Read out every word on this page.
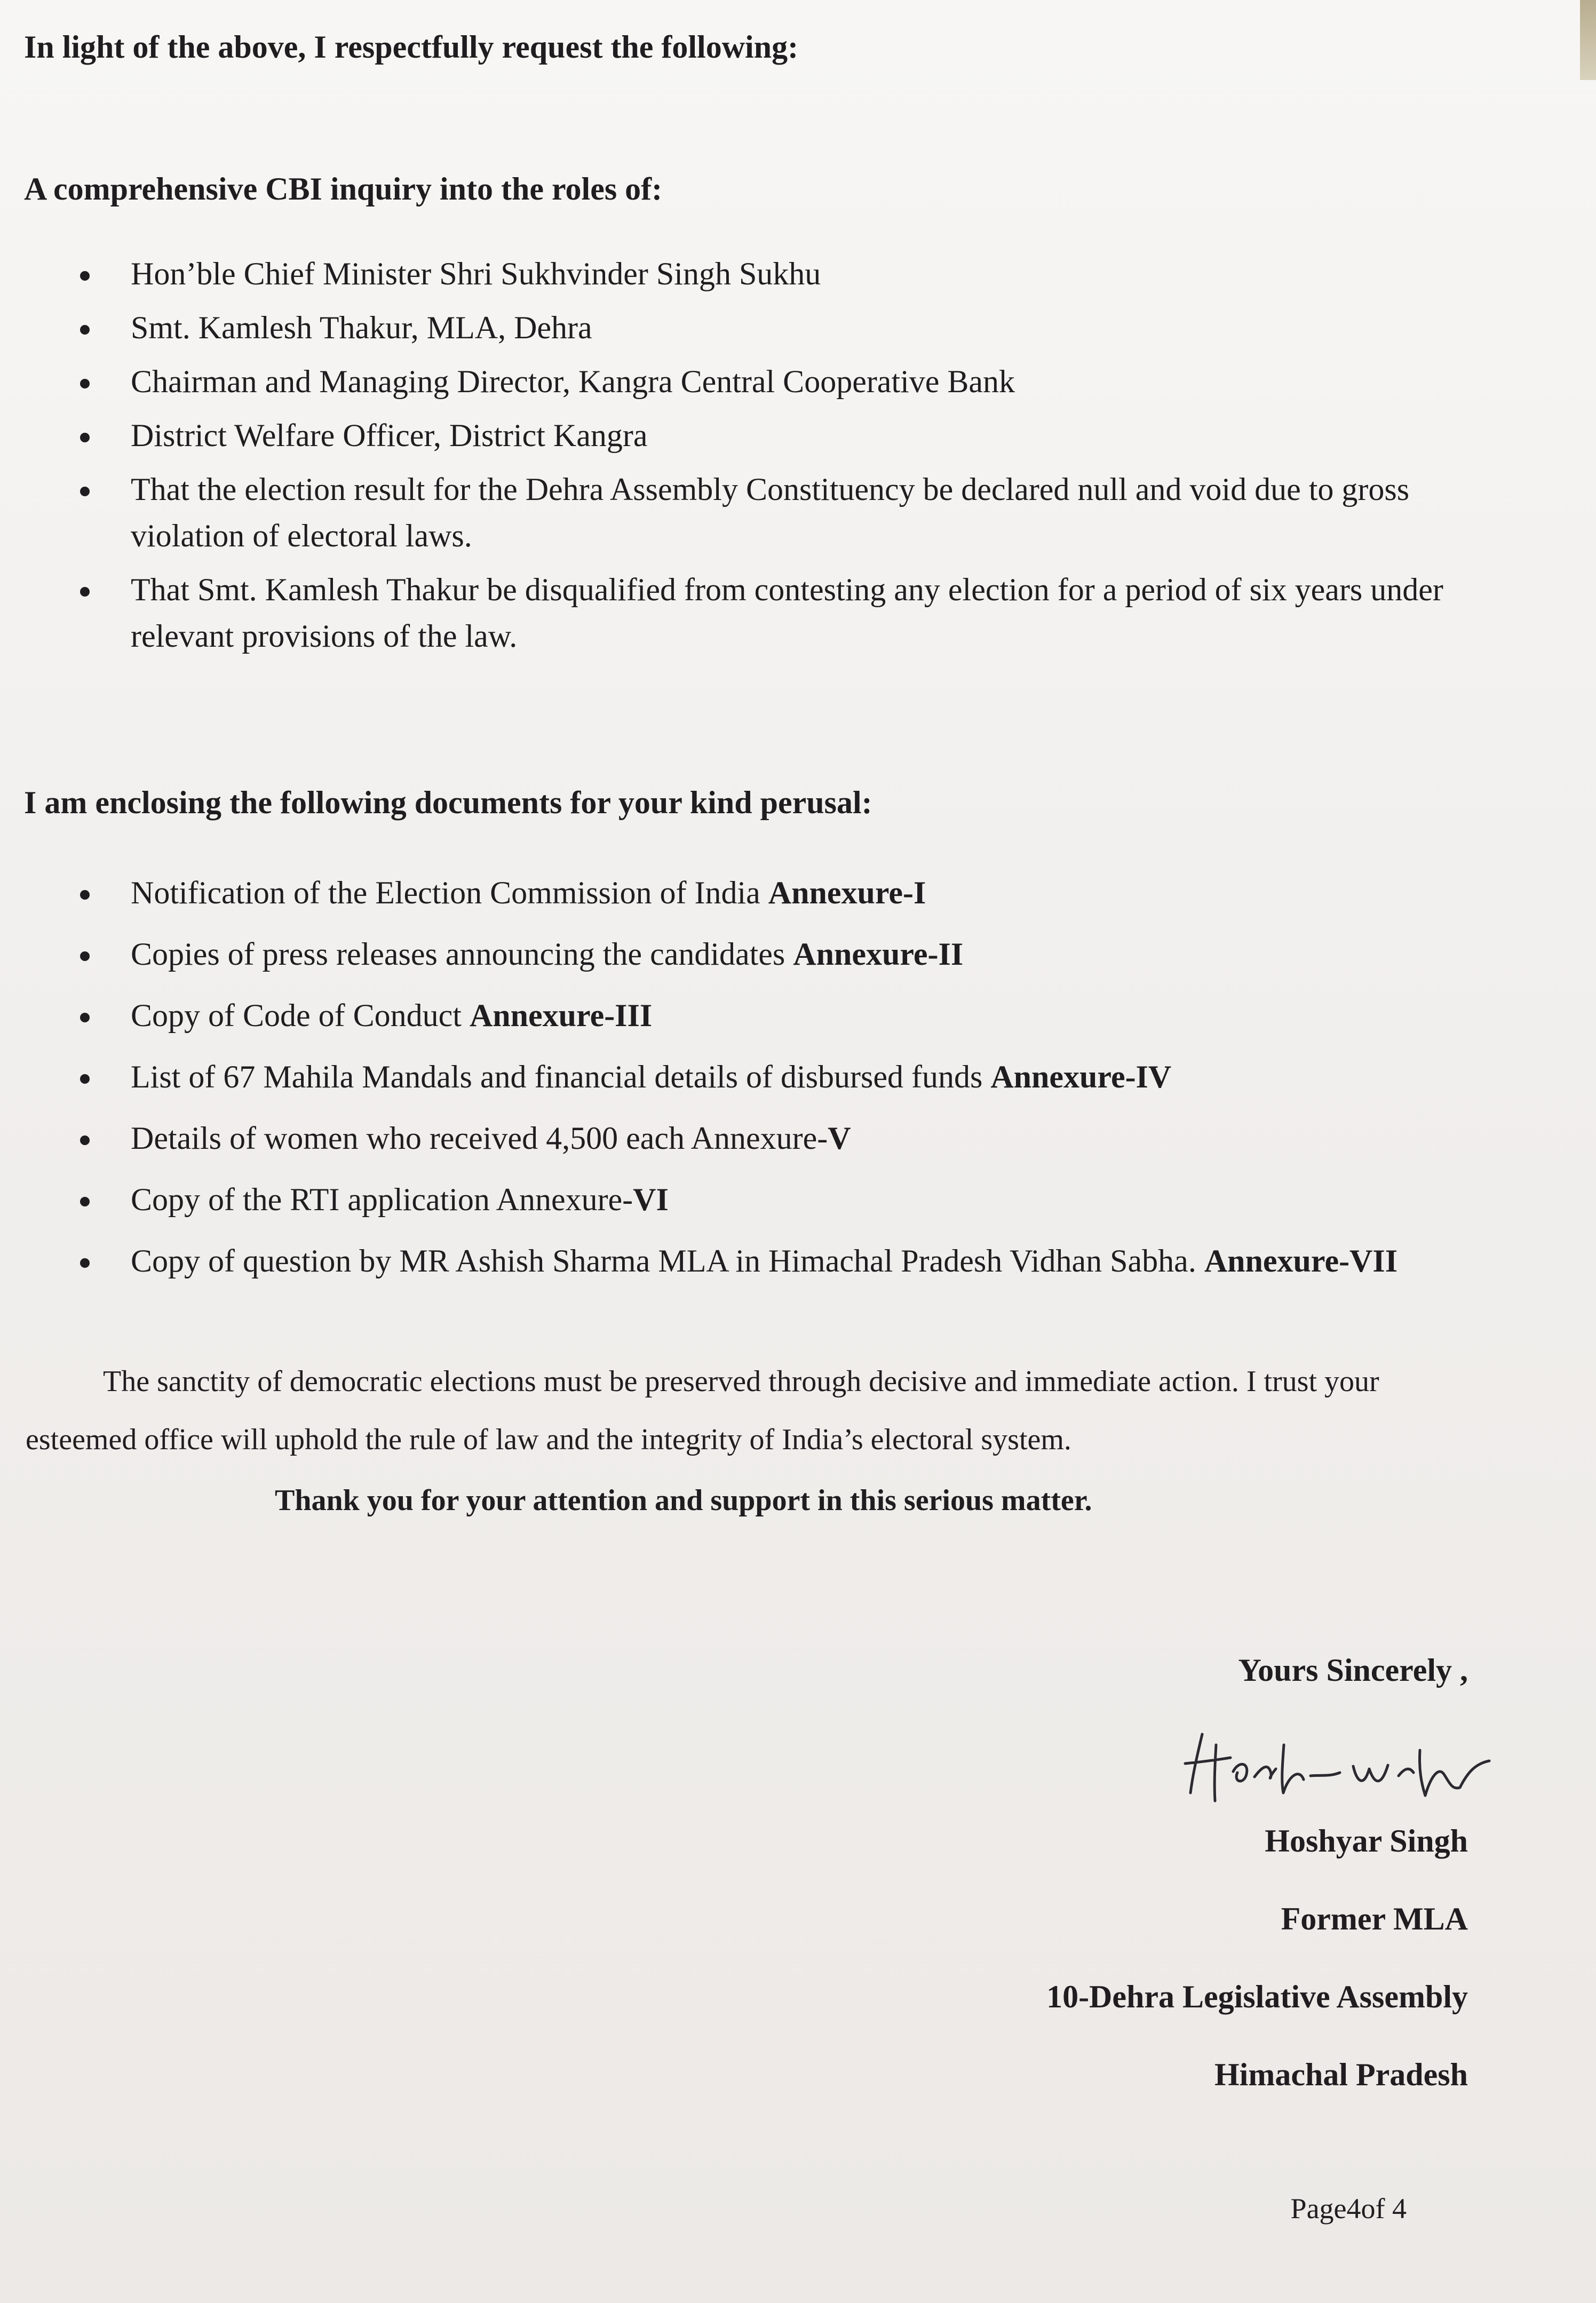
In light of the above, I respectfully request the following:
A comprehensive CBI inquiry into the roles of:
Hon’ble Chief Minister Shri Sukhvinder Singh Sukhu
Smt. Kamlesh Thakur, MLA, Dehra
Chairman and Managing Director, Kangra Central Cooperative Bank
District Welfare Officer, District Kangra
That the election result for the Dehra Assembly Constituency be declared null and void due to gross violation of electoral laws.
That Smt. Kamlesh Thakur be disqualified from contesting any election for a period of six years under relevant provisions of the law.
I am enclosing the following documents for your kind perusal:
Notification of the Election Commission of India Annexure-I
Copies of press releases announcing the candidates Annexure-II
Copy of Code of Conduct Annexure-III
List of 67 Mahila Mandals and financial details of disbursed funds Annexure-IV
Details of women who received 4,500 each Annexure-V
Copy of the RTI application Annexure-VI
Copy of question by MR Ashish Sharma MLA in Himachal Pradesh Vidhan Sabha. Annexure-VII
The sanctity of democratic elections must be preserved through decisive and immediate action. I trust your esteemed office will uphold the rule of law and the integrity of India’s electoral system.
Thank you for your attention and support in this serious matter.
Yours Sincerely ,
Hoshyar Singh
Former MLA
10-Dehra Legislative Assembly
Himachal Pradesh
Page4of 4
